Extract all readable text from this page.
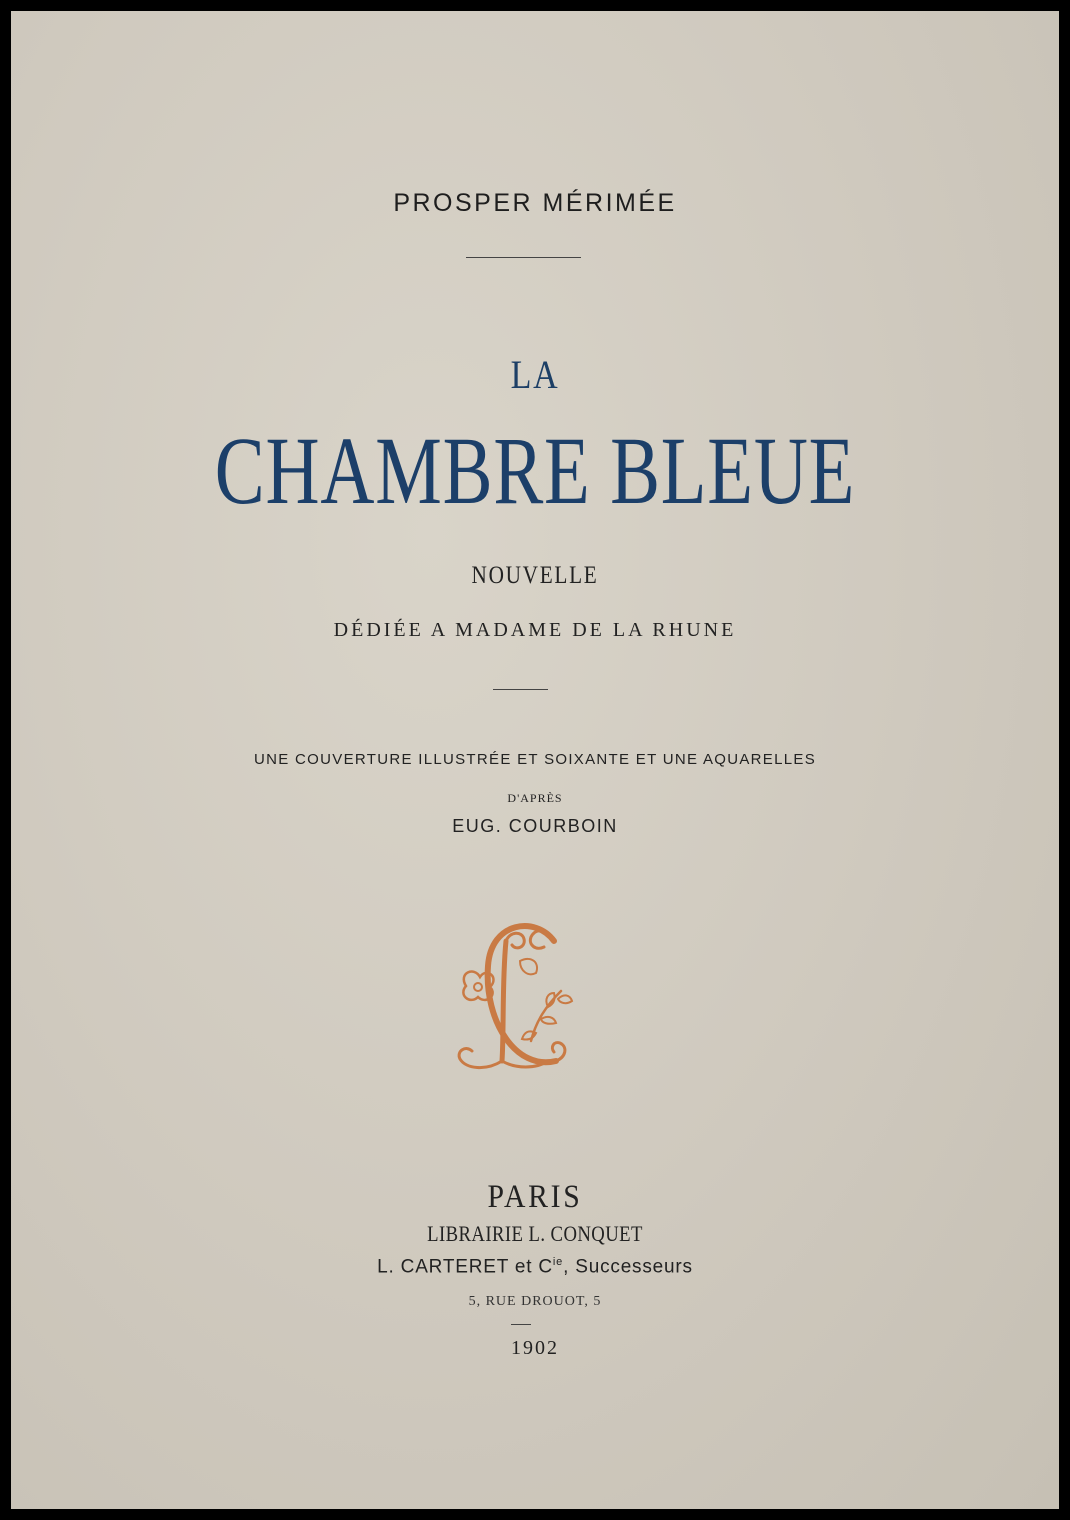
PROSPER MÉRIMÉE
LA
CHAMBRE BLEUE
NOUVELLE
DÉDIÉE A MADAME DE LA RHUNE
UNE COUVERTURE ILLUSTRÉE ET SOIXANTE ET UNE AQUARELLES
D'APRÈS
EUG. COURBOIN
PARIS
LIBRAIRIE L. CONQUET
L. CARTERET et $C^{ie}$, Successeurs
5, RUE DROUOT, 5
1902
